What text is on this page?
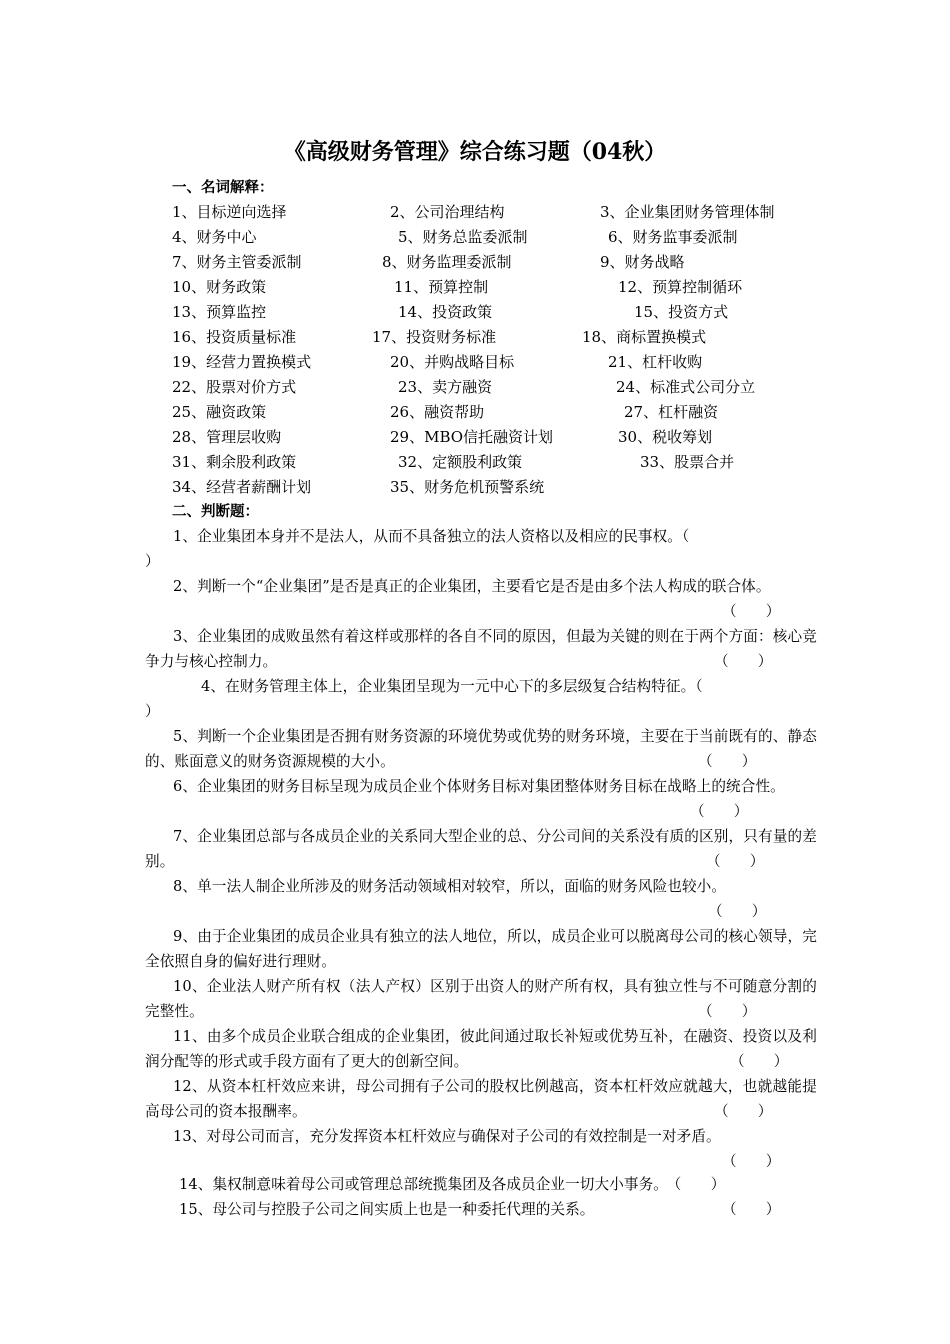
《高级财务管理》综合练习题（04秋）
一、名词解释：
1、目标逆向选择	2、公司治理结构	3、企业集团财务管理体制
4、财务中心	5、财务总监委派制	6、财务监事委派制
7、财务主管委派制	8、财务监理委派制	9、财务战略
10、财务政策	11、预算控制	12、预算控制循环
13、预算监控	14、投资政策	15、投资方式
16、投资质量标准	17、投资财务标准	18、商标置换模式
19、经营力置换模式	20、并购战略目标	21、杠杆收购
22、股票对价方式	23、卖方融资	24、标准式公司分立
25、融资政策	26、融资帮助	27、杠杆融资
28、管理层收购	29、MBO信托融资计划	30、税收筹划
31、剩余股利政策	32、定额股利政策	33、股票合并
34、经营者薪酬计划	35、财务危机预警系统
二、判断题：
1、企业集团本身并不是法人，从而不具备独立的法人资格以及相应的民事权。（
）
2、判断一个“企业集团”是否是真正的企业集团，主要看它是否是由多个法人构成的联合体。
（　　）
3、企业集团的成败虽然有着这样或那样的各自不同的原因，但最为关键的则在于两个方面：核心竞争力与核心控制力。	（　　）
4、在财务管理主体上，企业集团呈现为一元中心下的多层级复合结构特征。（
）
5、判断一个企业集团是否拥有财务资源的环境优势或优势的财务环境，主要在于当前既有的、静态的、账面意义的财务资源规模的大小。	（　　）
6、企业集团的财务目标呈现为成员企业个体财务目标对集团整体财务目标在战略上的统合性。
（　　）
7、企业集团总部与各成员企业的关系同大型企业的总、分公司间的关系没有质的区别，只有量的差别。	（　　）
8、单一法人制企业所涉及的财务活动领域相对较窄，所以，面临的财务风险也较小。
（　　）
9、由于企业集团的成员企业具有独立的法人地位，所以，成员企业可以脱离母公司的核心领导，完全依照自身的偏好进行理财。
10、企业法人财产所有权（法人产权）区别于出资人的财产所有权，具有独立性与不可随意分割的完整性。	（　　）
11、由多个成员企业联合组成的企业集团，彼此间通过取长补短或优势互补，在融资、投资以及利润分配等的形式或手段方面有了更大的创新空间。	（　　）
12、从资本杠杆效应来讲，母公司拥有子公司的股权比例越高，资本杠杆效应就越大，也就越能提高母公司的资本报酬率。	（　　）
13、对母公司而言，充分发挥资本杠杆效应与确保对子公司的有效控制是一对矛盾。
（　　）
14、集权制意味着母公司或管理总部统揽集团及各成员企业一切大小事务。 （　　）
15、母公司与控股子公司之间实质上也是一种委托代理的关系。	（　　）
